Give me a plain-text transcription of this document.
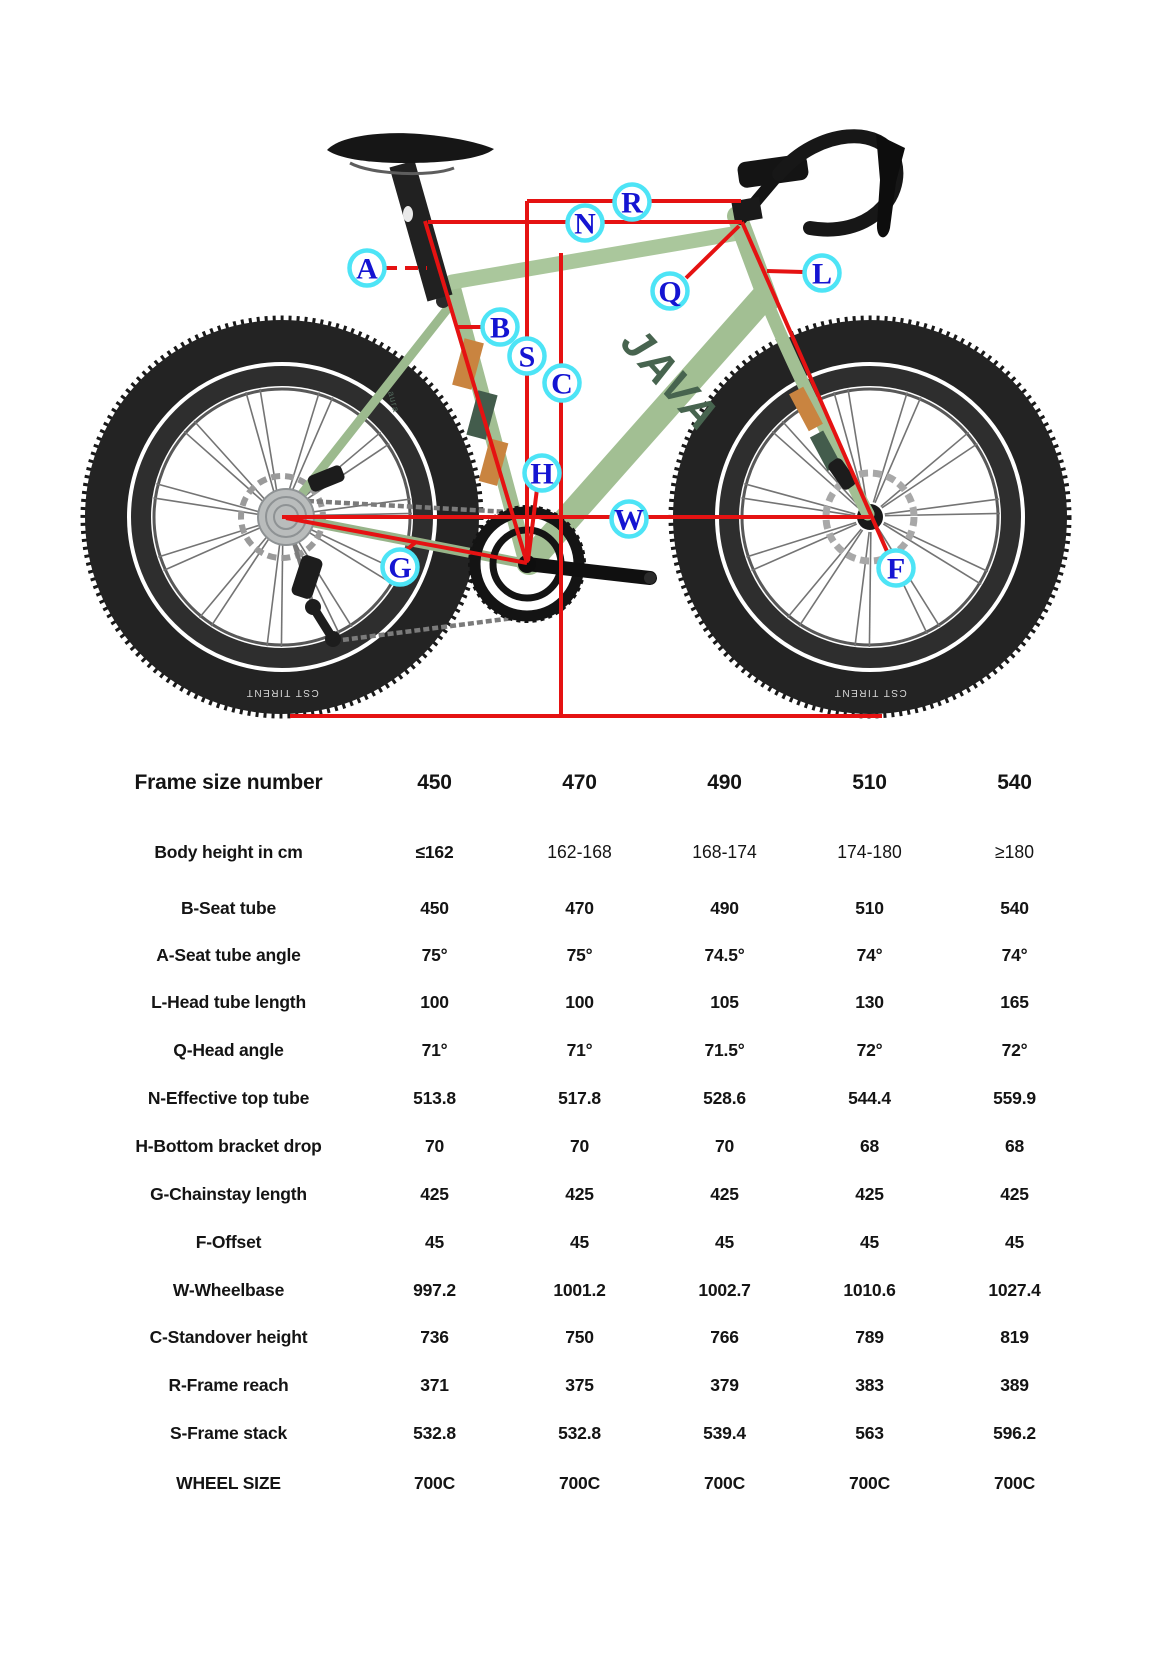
CST TIRENT	CST TIRENT
JAVA
aura
A
B
S
C
N
R
Q
L
H
W
G	F
Frame size number	450	470	490	510	540
Body height in cm	≤162	162-168	168-174	174-180	≥180
B-Seat tube	450	470	490	510	540
A-Seat tube angle	75°	75°	74.5°	74°	74°
L-Head tube length	100	100	105	130	165
Q-Head angle	71°	71°	71.5°	72°	72°
N-Effective top tube	513.8	517.8	528.6	544.4	559.9
H-Bottom bracket drop	70	70	70	68	68
G-Chainstay length	425	425	425	425	425
F-Offset	45	45	45	45	45
W-Wheelbase	997.2	1001.2	1002.7	1010.6	1027.4
C-Standover height	736	750	766	789	819
R-Frame reach	371	375	379	383	389
S-Frame stack	532.8	532.8	539.4	563	596.2
WHEEL SIZE	700C	700C	700C	700C	700C
